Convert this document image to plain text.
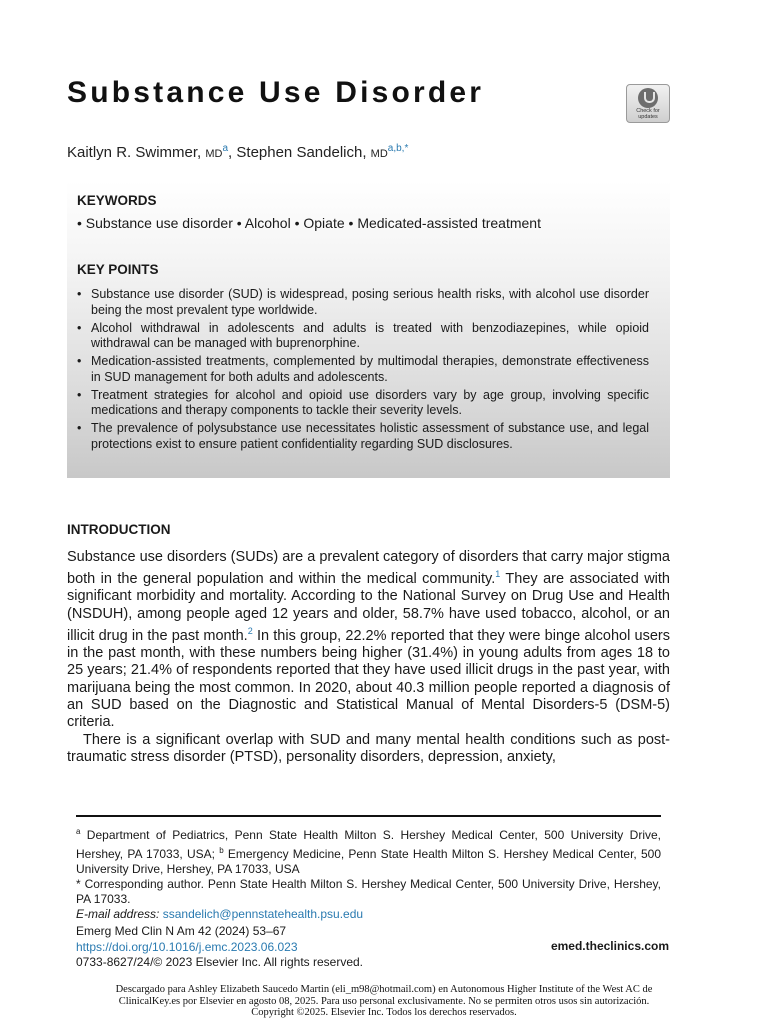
Substance Use Disorder
Check for
updates
Kaitlyn R. Swimmer, $MD^a$, Stephen Sandelich, $MD^{a,b,*}$
KEYWORDS
• Substance use disorder • Alcohol • Opiate • Medicated-assisted treatment
KEY POINTS
• Substance use disorder (SUD) is widespread, posing serious health risks, with alcohol use disorder being the most prevalent type worldwide.
• Alcohol withdrawal in adolescents and adults is treated with benzodiazepines, while opioid withdrawal can be managed with buprenorphine.
• Medication-assisted treatments, complemented by multimodal therapies, demonstrate effectiveness in SUD management for both adults and adolescents.
• Treatment strategies for alcohol and opioid use disorders vary by age group, involving specific medications and therapy components to tackle their severity levels.
• The prevalence of polysubstance use necessitates holistic assessment of substance use, and legal protections exist to ensure patient confidentiality regarding SUD disclosures.
INTRODUCTION

Substance use disorders (SUDs) are a prevalent category of disorders that carry major stigma both in the general population and within the medical community.$^1$ They are associated with significant morbidity and mortality. According to the National Survey on Drug Use and Health (NSDUH), among people aged 12 years and older, 58.7% have used tobacco, alcohol, or an illicit drug in the past month.$^2$ In this group, 22.2% reported that they were binge alcohol users in the past month, with these numbers being higher (31.4%) in young adults from ages 18 to 25 years; 21.4% of respondents reported that they have used illicit drugs in the past year, with marijuana being the most common. In 2020, about 40.3 million people reported a diagnosis of an SUD based on the Diagnostic and Statistical Manual of Mental Disorders-5 (DSM-5) criteria.

There is a significant overlap with SUD and many mental health conditions such as post-traumatic stress disorder (PTSD), personality disorders, depression, anxiety,

$^a$ Department of Pediatrics, Penn State Health Milton S. Hershey Medical Center, 500 University Drive, Hershey, PA 17033, USA; $^b$ Emergency Medicine, Penn State Health Milton S. Hershey Medical Center, 500 University Drive, Hershey, PA 17033, USA

* Corresponding author. Penn State Health Milton S. Hershey Medical Center, 500 University Drive, Hershey, PA 17033.

E-mail address: ssandelich@pennstatehealth.psu.edu

Emerg Med Clin N Am 42 (2024) 53–67
https://doi.org/10.1016/j.emc.2023.06.023
0733-8627/24/© 2023 Elsevier Inc. All rights reserved.
emed.theclinics.com
Descargado para Ashley Elizabeth Saucedo Martin (eli_m98@hotmail.com) en Autonomous Higher Institute of the West AC de ClinicalKey.es por Elsevier en agosto 08, 2025. Para uso personal exclusivamente. No se permiten otros usos sin autorización. Copyright ©2025. Elsevier Inc. Todos los derechos reservados.
